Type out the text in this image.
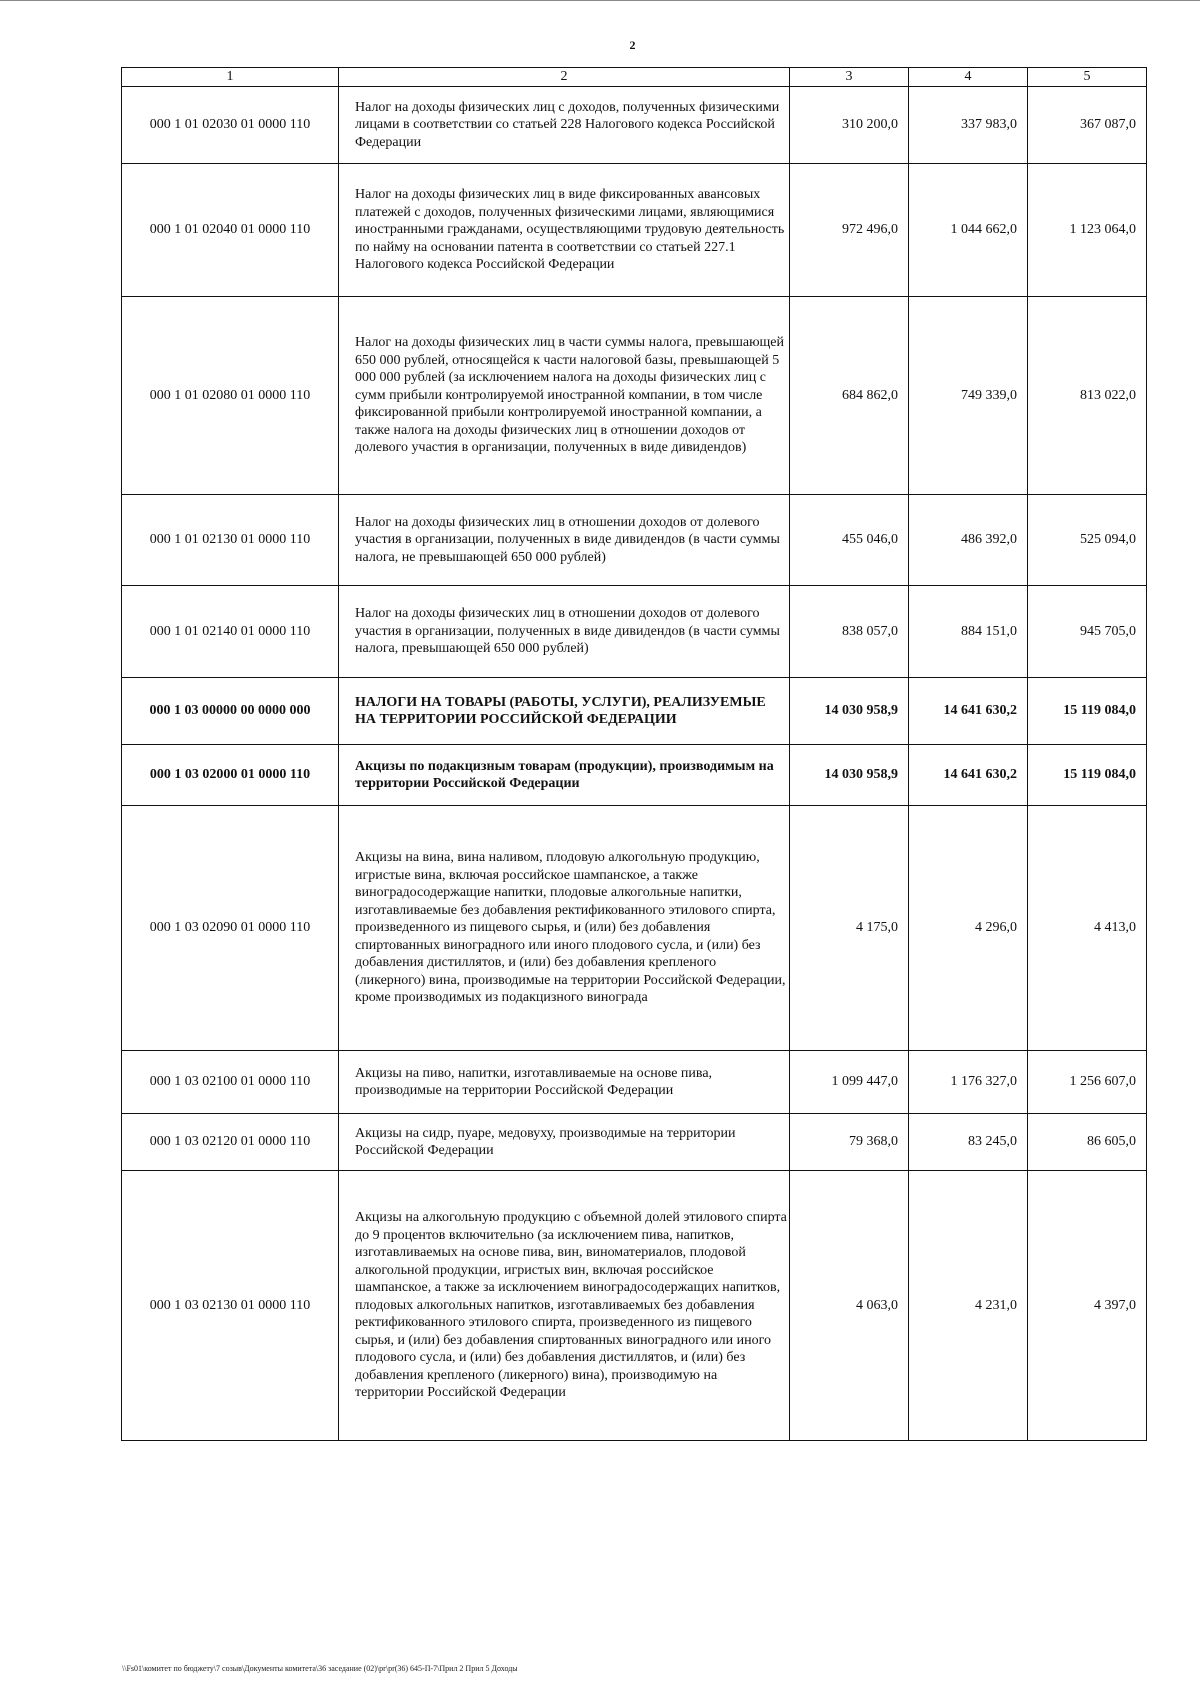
2
1	2	3	4	5
000 1 01 02030 01 0000 110	Налог на доходы физических лиц с доходов, полученных физическими лицами в соответствии со статьей 228 Налогового кодекса Российской Федерации	310 200,0	337 983,0	367 087,0
000 1 01 02040 01 0000 110	Налог на доходы физических лиц в виде фиксированных авансовых платежей с доходов, полученных физическими лицами, являющимися иностранными гражданами, осуществляющими трудовую деятельность по найму на основании патента в соответствии со статьей 227.1 Налогового кодекса Российской Федерации	972 496,0	1 044 662,0	1 123 064,0
000 1 01 02080 01 0000 110	Налог на доходы физических лиц в части суммы налога, превышающей 650 000 рублей, относящейся к части налоговой базы, превышающей 5 000 000 рублей (за исключением налога на доходы физических лиц с сумм прибыли контролируемой иностранной компании, в том числе фиксированной прибыли контролируемой иностранной компании, а также налога на доходы физических лиц в отношении доходов от долевого участия в организации, полученных в виде дивидендов)	684 862,0	749 339,0	813 022,0
000 1 01 02130 01 0000 110	Налог на доходы физических лиц в отношении доходов от долевого участия в организации, полученных в виде дивидендов (в части суммы налога, не превышающей 650 000 рублей)	455 046,0	486 392,0	525 094,0
000 1 01 02140 01 0000 110	Налог на доходы физических лиц в отношении доходов от долевого участия в организации, полученных в виде дивидендов (в части суммы налога, превышающей 650 000 рублей)	838 057,0	884 151,0	945 705,0
000 1 03 00000 00 0000 000	НАЛОГИ НА ТОВАРЫ (РАБОТЫ, УСЛУГИ), РЕАЛИЗУЕМЫЕ НА ТЕРРИТОРИИ РОССИЙСКОЙ ФЕДЕРАЦИИ	14 030 958,9	14 641 630,2	15 119 084,0
000 1 03 02000 01 0000 110	Акцизы по подакцизным товарам (продукции), производимым на территории Российской Федерации	14 030 958,9	14 641 630,2	15 119 084,0
000 1 03 02090 01 0000 110	Акцизы на вина, вина наливом, плодовую алкогольную продукцию, игристые вина, включая российское шампанское, а также виноградосодержащие напитки, плодовые алкогольные напитки, изготавливаемые без добавления ректификованного этилового спирта, произведенного из пищевого сырья, и (или) без добавления спиртованных виноградного или иного плодового сусла, и (или) без добавления дистиллятов, и (или) без добавления крепленого (ликерного) вина, производимые на территории Российской Федерации, кроме производимых из подакцизного винограда	4 175,0	4 296,0	4 413,0
000 1 03 02100 01 0000 110	Акцизы на пиво, напитки, изготавливаемые на основе пива, производимые на территории Российской Федерации	1 099 447,0	1 176 327,0	1 256 607,0
000 1 03 02120 01 0000 110	Акцизы на сидр, пуаре, медовуху, производимые на территории Российской Федерации	79 368,0	83 245,0	86 605,0
000 1 03 02130 01 0000 110	Акцизы на алкогольную продукцию с объемной долей этилового спирта до 9 процентов включительно (за исключением пива, напитков, изготавливаемых на основе пива, вин, виноматериалов, плодовой алкогольной продукции, игристых вин, включая российское шампанское, а также за исключением виноградосодержащих напитков, плодовых алкогольных напитков, изготавливаемых без добавления ректификованного этилового спирта, произведенного из пищевого сырья, и (или) без добавления спиртованных виноградного или иного плодового сусла, и (или) без добавления дистиллятов, и (или) без добавления крепленого (ликерного) вина), производимую на территории Российской Федерации	4 063,0	4 231,0	4 397,0
\\Fs01\комитет по бюджету\7 созыв\Документы комитета\36 заседание (02)\pr\pr(36) 645-П-7\Прил 2 Прил 5 Доходы
